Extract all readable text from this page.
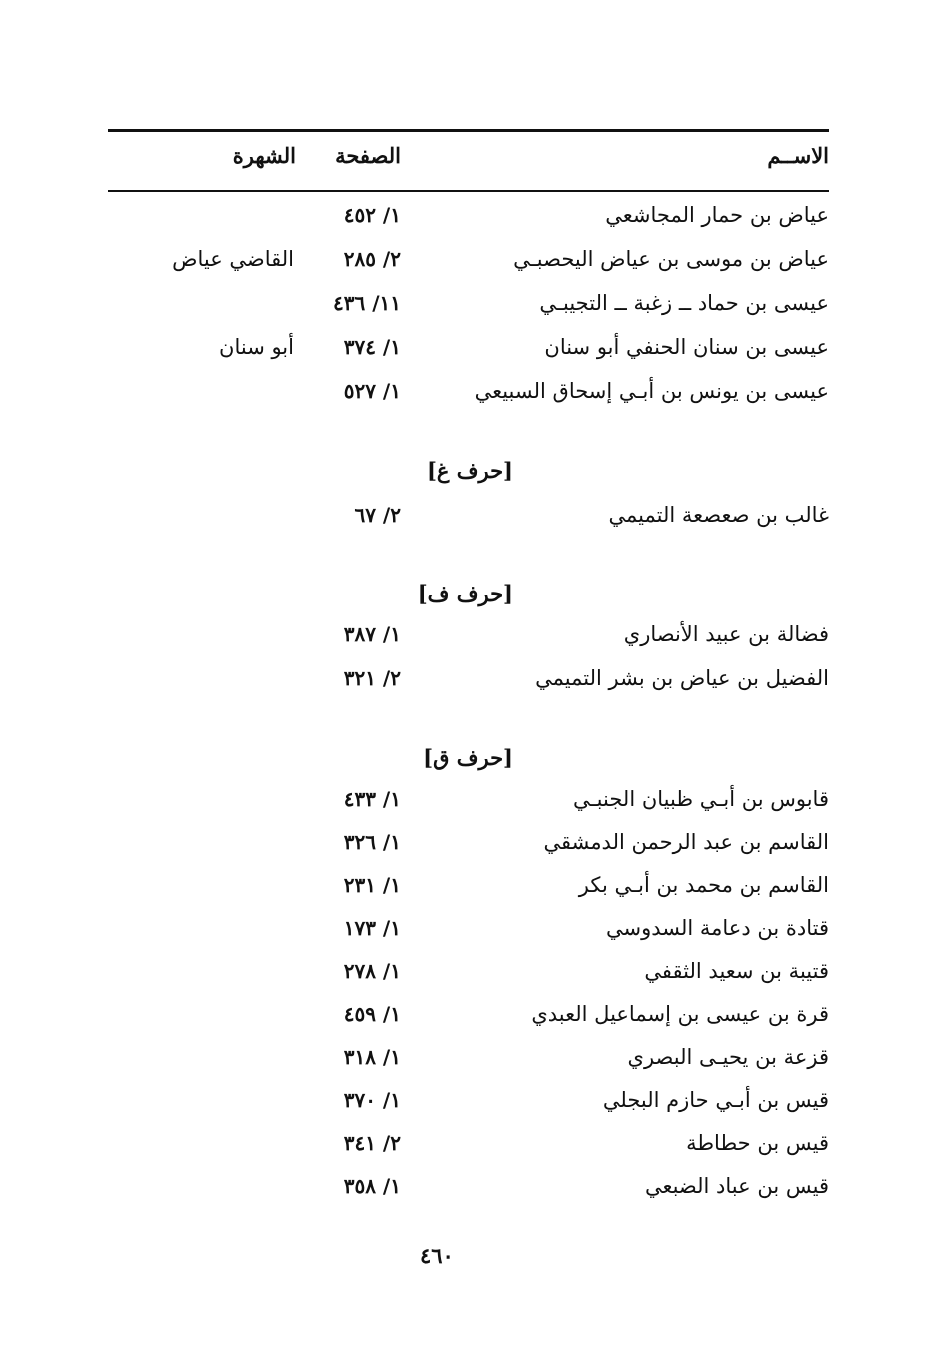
الاســم
الصفحة
الشهرة
عياض بن حمار المجاشعي
١/ ٤٥٢
عياض بن موسى بن عياض اليحصبـي
٢/ ٢٨٥
القاضي عياض
عيسى بن حماد ــ زغبة ــ التجيبـي
١١/ ٤٣٦
عيسى بن سنان الحنفي أبو سنان
١/ ٣٧٤
أبو سنان
عيسى بن يونس بن أبـي إسحاق السبيعي
١/ ٥٢٧
[حرف غ]
غالب بن صعصعة التميمي
٢/ ٦٧
[حرف ف]
فضالة بن عبيد الأنصاري
١/ ٣٨٧
الفضيل بن عياض بن بشر التميمي
٢/ ٣٢١
[حرف ق]
قابوس بن أبـي ظبيان الجنبـي
١/ ٤٣٣
القاسم بن عبد الرحمن الدمشقي
١/ ٣٢٦
القاسم بن محمد بن أبـي بكر
١/ ٢٣١
قتادة بن دعامة السدوسي
١/ ١٧٣
قتيبة بن سعيد الثقفي
١/ ٢٧٨
قرة بن عيسى بن إسماعيل العبدي
١/ ٤٥٩
قزعة بن يحيـى البصري
١/ ٣١٨
قيس بن أبـي حازم البجلي
١/ ٣٧٠
قيس بن حطاطة
٢/ ٣٤١
قيس بن عباد الضبعي
١/ ٣٥٨
٤٦٠
